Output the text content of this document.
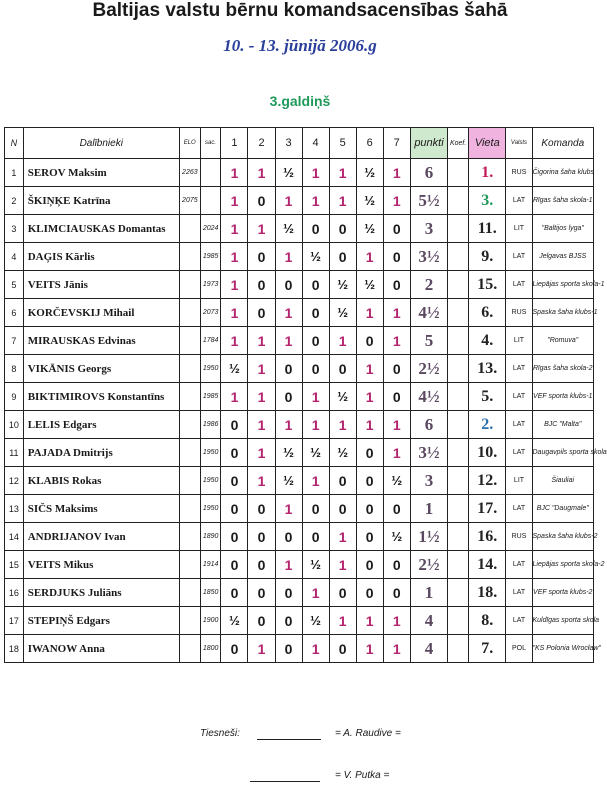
Baltijas valstu bērnu komandsacensības šahā
10. - 13. jūnijā 2006.g
3.galdiņš
N	Dalībnieki	ELO	sac.	1	2	3	4	5	6	7	punkti	Koef.	Vieta	Valsts	Komanda
1	SEROV Maksim	2263		1	1	½	1	1	½	1	6		1.	RUS	Čigorina šaha klubs
2	ŠKIŅĶE Katrīna	2075		1	0	1	1	1	½	1	5½		3.	LAT	Rīgas šaha skola-1
3	KLIMCIAUSKAS Domantas		2024	1	1	½	0	0	½	0	3		11.	LIT	"Baltijos lyga"
4	DAĢIS Kārlis		1985	1	0	1	½	0	1	0	3½		9.	LAT	Jelgavas BJSS
5	VEITS Jānis		1973	1	0	0	0	½	½	0	2		15.	LAT	Liepājas sporta skola-1
6	KORČEVSKIJ Mihail		2073	1	0	1	0	½	1	1	4½		6.	RUS	Spaska šaha klubs-1
7	MIRAUSKAS Edvinas		1784	1	1	1	0	1	0	1	5		4.	LIT	"Romuva"
8	VIKĀNIS Georgs		1950	½	1	0	0	0	1	0	2½		13.	LAT	Rīgas šaha skola-2
9	BIKTIMIROVS Konstantīns		1985	1	1	0	1	½	1	0	4½		5.	LAT	VEF sporta klubs-1
10	LELIS Edgars		1986	0	1	1	1	1	1	1	6		2.	LAT	BJC "Malta"
11	PAJADA Dmitrijs		1950	0	1	½	½	½	0	1	3½		10.	LAT	Daugavpils sporta skola
12	KLABIS Rokas		1950	0	1	½	1	0	0	½	3		12.	LIT	Šiauliai
13	SIČS Maksims		1950	0	0	1	0	0	0	0	1		17.	LAT	BJC "Daugmale"
14	ANDRIJANOV Ivan		1890	0	0	0	0	1	0	½	1½		16.	RUS	Spaska šaha klubs-2
15	VEITS Mikus		1914	0	0	1	½	1	0	0	2½		14.	LAT	Liepājas sporta skola-2
16	SERDJUKS Juliāns		1850	0	0	0	1	0	0	0	1		18.	LAT	VEF sporta klubs-2
17	STEPIŅŠ Edgars		1900	½	0	0	½	1	1	1	4		8.	LAT	Kuldīgas sporta skola
18	IWANOW Anna		1800	0	1	0	1	0	1	1	4		7.	POL	"KS Polonia Wrocław"
Tiesneši:	= A. Raudive =
= V. Putka =
